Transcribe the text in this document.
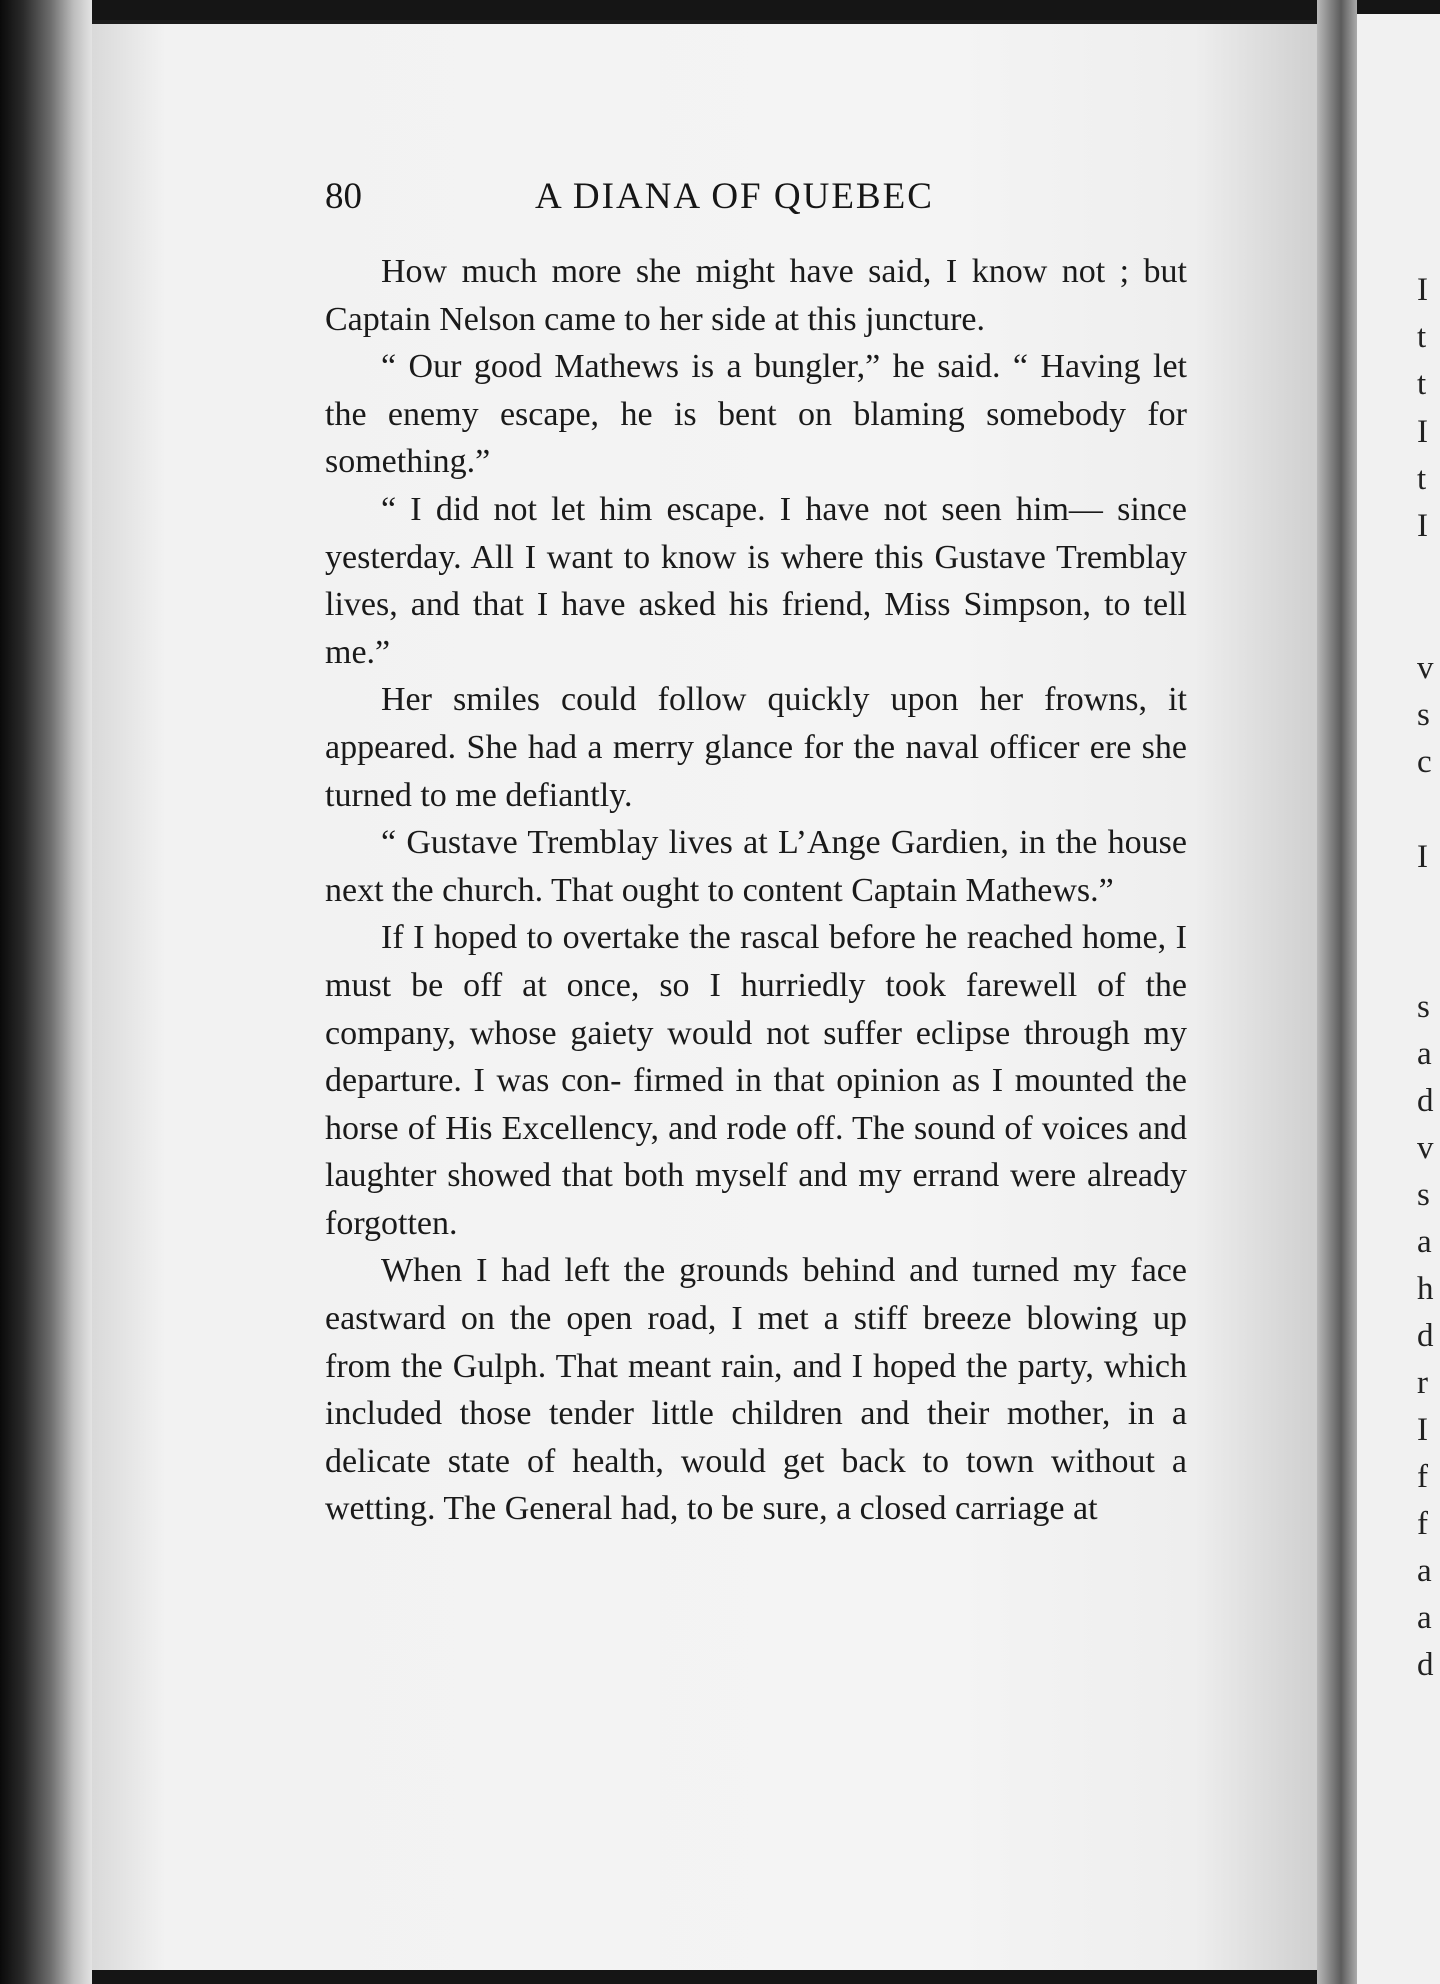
80	A DIANA OF QUEBEC

How much more she might have said, I know not ; but Captain Nelson came to her side at this juncture.

“ Our good Mathews is a bungler,” he said. “ Having let the enemy escape, he is bent on blaming somebody for something.”

“ I did not let him escape. I have not seen him— since yesterday. All I want to know is where this Gustave Tremblay lives, and that I have asked his friend, Miss Simpson, to tell me.”

Her smiles could follow quickly upon her frowns, it appeared. She had a merry glance for the naval officer ere she turned to me defiantly.

“ Gustave Tremblay lives at L’Ange Gardien, in the house next the church. That ought to content Captain Mathews.”

If I hoped to overtake the rascal before he reached home, I must be off at once, so I hurriedly took farewell of the company, whose gaiety would not suffer eclipse through my departure. I was con- firmed in that opinion as I mounted the horse of His Excellency, and rode off. The sound of voices and laughter showed that both myself and my errand were already forgotten.

When I had left the grounds behind and turned my face eastward on the open road, I met a stiff breeze blowing up from the Gulph. That meant rain, and I hoped the party, which included those tender little children and their mother, in a delicate state of health, would get back to town without a wetting. The General had, to be sure, a closed carriage at

I
t
t
I
t
I
v
s
c
I
s
a
d
v
s
a
h
d
r
I
f
f
a
a
d
